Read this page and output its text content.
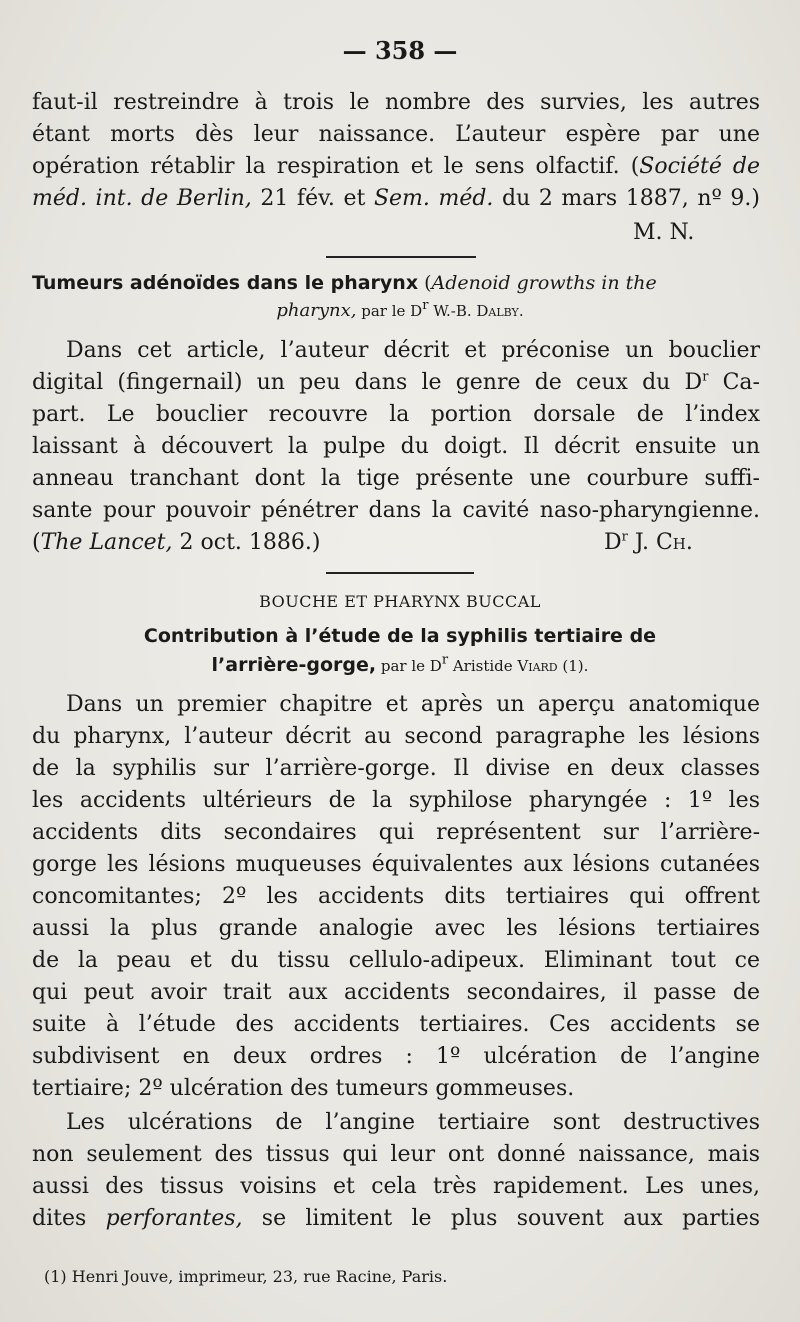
— 358 —
faut-il restreindre à trois le nombre des survies, les autres
étant morts dès leur naissance. L’auteur espère par une
opération rétablir la respiration et le sens olfactif. (Société de
méd. int. de Berlin, 21 fév. et Sem. méd. du 2 mars 1887, nº 9.)
M. N.
Tumeurs adénoïdes dans le pharynx (Adenoid growths in the
pharynx, par le $D^r$ W.-B. Dalby.
Dans cet article, l’auteur décrit et préconise un bouclier
digital (fingernail) un peu dans le genre de ceux du $D^r$ Ca-
part. Le bouclier recouvre la portion dorsale de l’index
laissant à découvert la pulpe du doigt. Il décrit ensuite un
anneau tranchant dont la tige présente une courbure suffi-
sante pour pouvoir pénétrer dans la cavité naso-pharyngienne.
(The Lancet, 2 oct. 1886.)	$D^r$ J. Ch.
BOUCHE ET PHARYNX BUCCAL
Contribution à l’étude de la syphilis tertiaire de
l’arrière-gorge, par le $D^r$ Aristide Viard (1).
Dans un premier chapitre et après un aperçu anatomique
du pharynx, l’auteur décrit au second paragraphe les lésions
de la syphilis sur l’arrière-gorge. Il divise en deux classes
les accidents ultérieurs de la syphilose pharyngée : 1º les
accidents dits secondaires qui représentent sur l’arrière-
gorge les lésions muqueuses équivalentes aux lésions cutanées
concomitantes; 2º les accidents dits tertiaires qui offrent
aussi la plus grande analogie avec les lésions tertiaires
de la peau et du tissu cellulo-adipeux. Eliminant tout ce
qui peut avoir trait aux accidents secondaires, il passe de
suite à l’étude des accidents tertiaires. Ces accidents se
subdivisent en deux ordres : 1º ulcération de l’angine
tertiaire; 2º ulcération des tumeurs gommeuses.
Les ulcérations de l’angine tertiaire sont destructives
non seulement des tissus qui leur ont donné naissance, mais
aussi des tissus voisins et cela très rapidement. Les unes,
dites perforantes, se limitent le plus souvent aux parties
(1) Henri Jouve, imprimeur, 23, rue Racine, Paris.
